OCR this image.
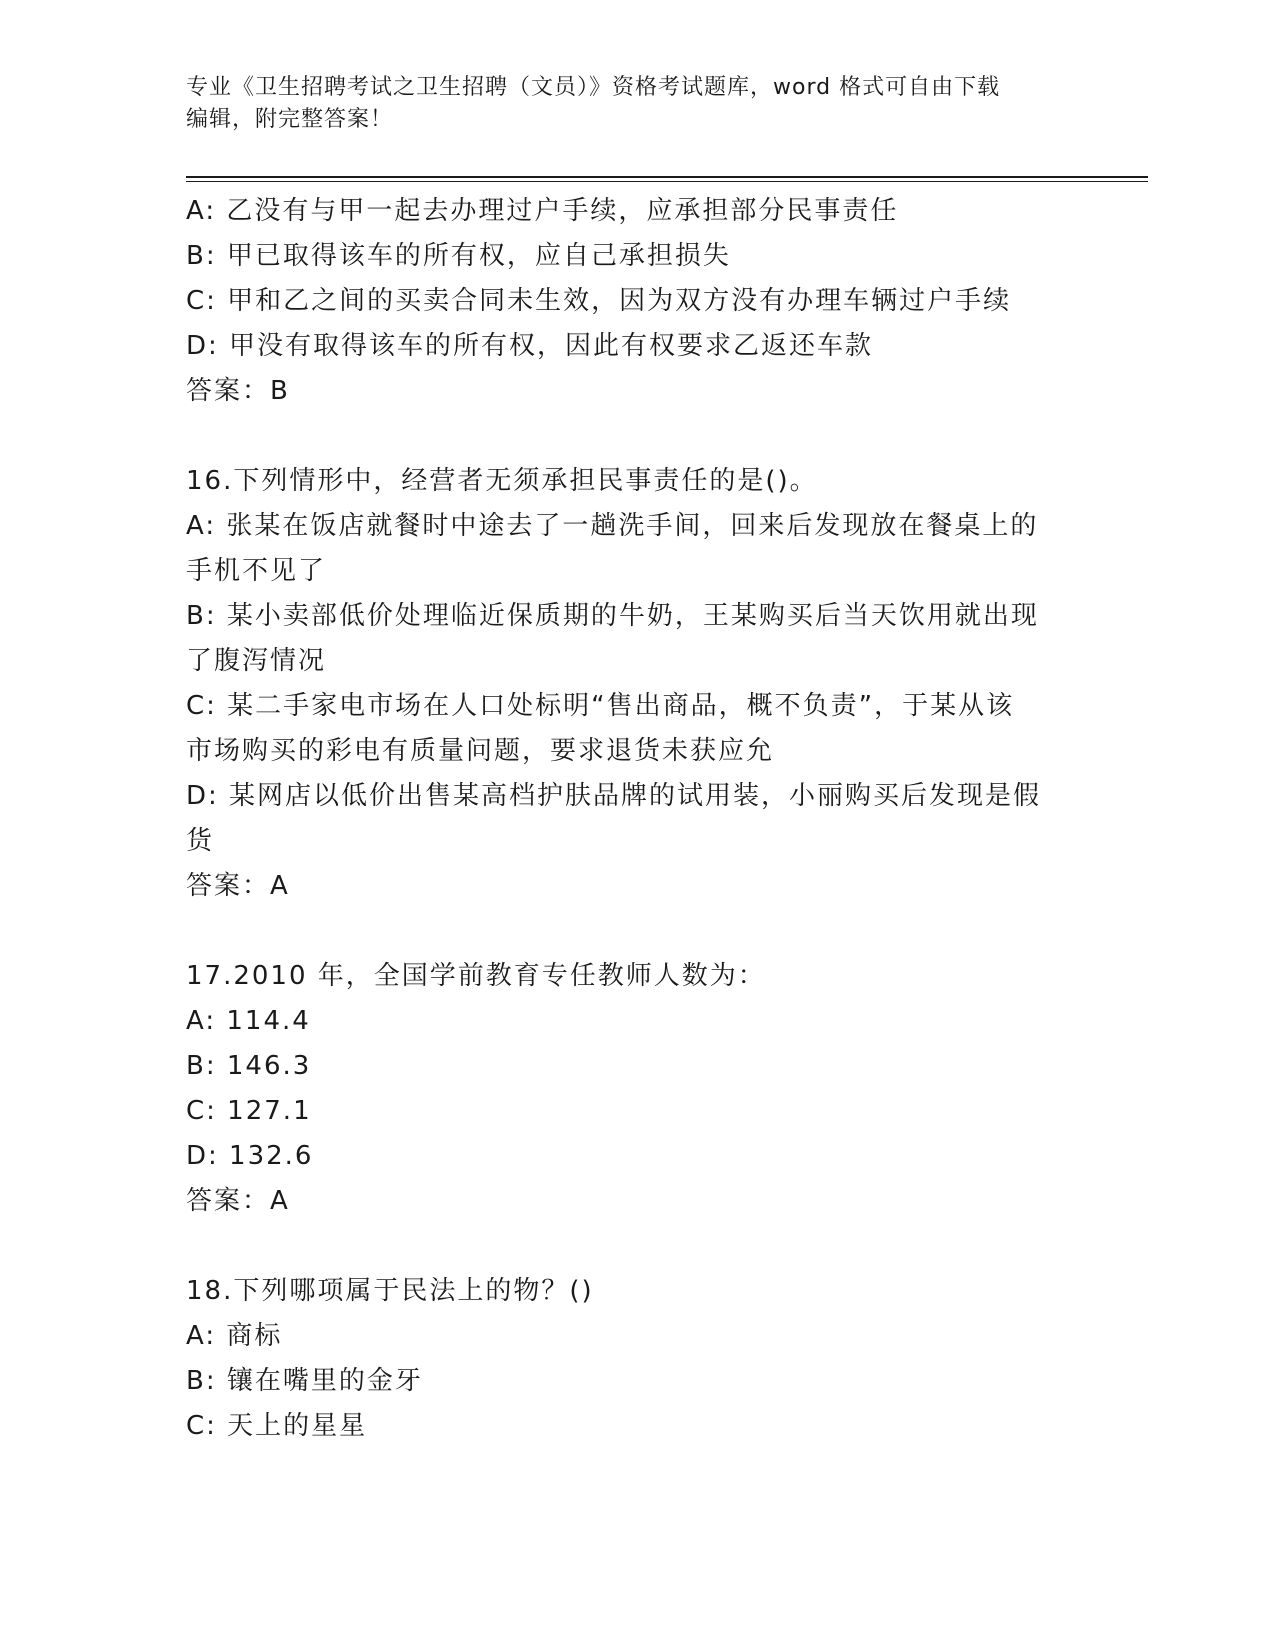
专业《卫生招聘考试之卫生招聘（文员）》资格考试题库，word 格式可自由下载
编辑，附完整答案！

A: 乙没有与甲一起去办理过户手续，应承担部分民事责任

B: 甲已取得该车的所有权，应自己承担损失

C: 甲和乙之间的买卖合同未生效，因为双方没有办理车辆过户手续

D: 甲没有取得该车的所有权，因此有权要求乙返还车款

答案：B

16.下列情形中，经营者无须承担民事责任的是()。

A: 张某在饭店就餐时中途去了一趟洗手间，回来后发现放在餐桌上的

手机不见了

B: 某小卖部低价处理临近保质期的牛奶，王某购买后当天饮用就出现

了腹泻情况

C: 某二手家电市场在人口处标明“售出商品，概不负责”，于某从该

市场购买的彩电有质量问题，要求退货未获应允

D: 某网店以低价出售某高档护肤品牌的试用装，小丽购买后发现是假

货

答案：A

17.2010 年，全国学前教育专任教师人数为：

A: 114.4

B: 146.3

C: 127.1

D: 132.6

答案：A

18.下列哪项属于民法上的物？()

A: 商标

B: 镶在嘴里的金牙

C: 天上的星星
